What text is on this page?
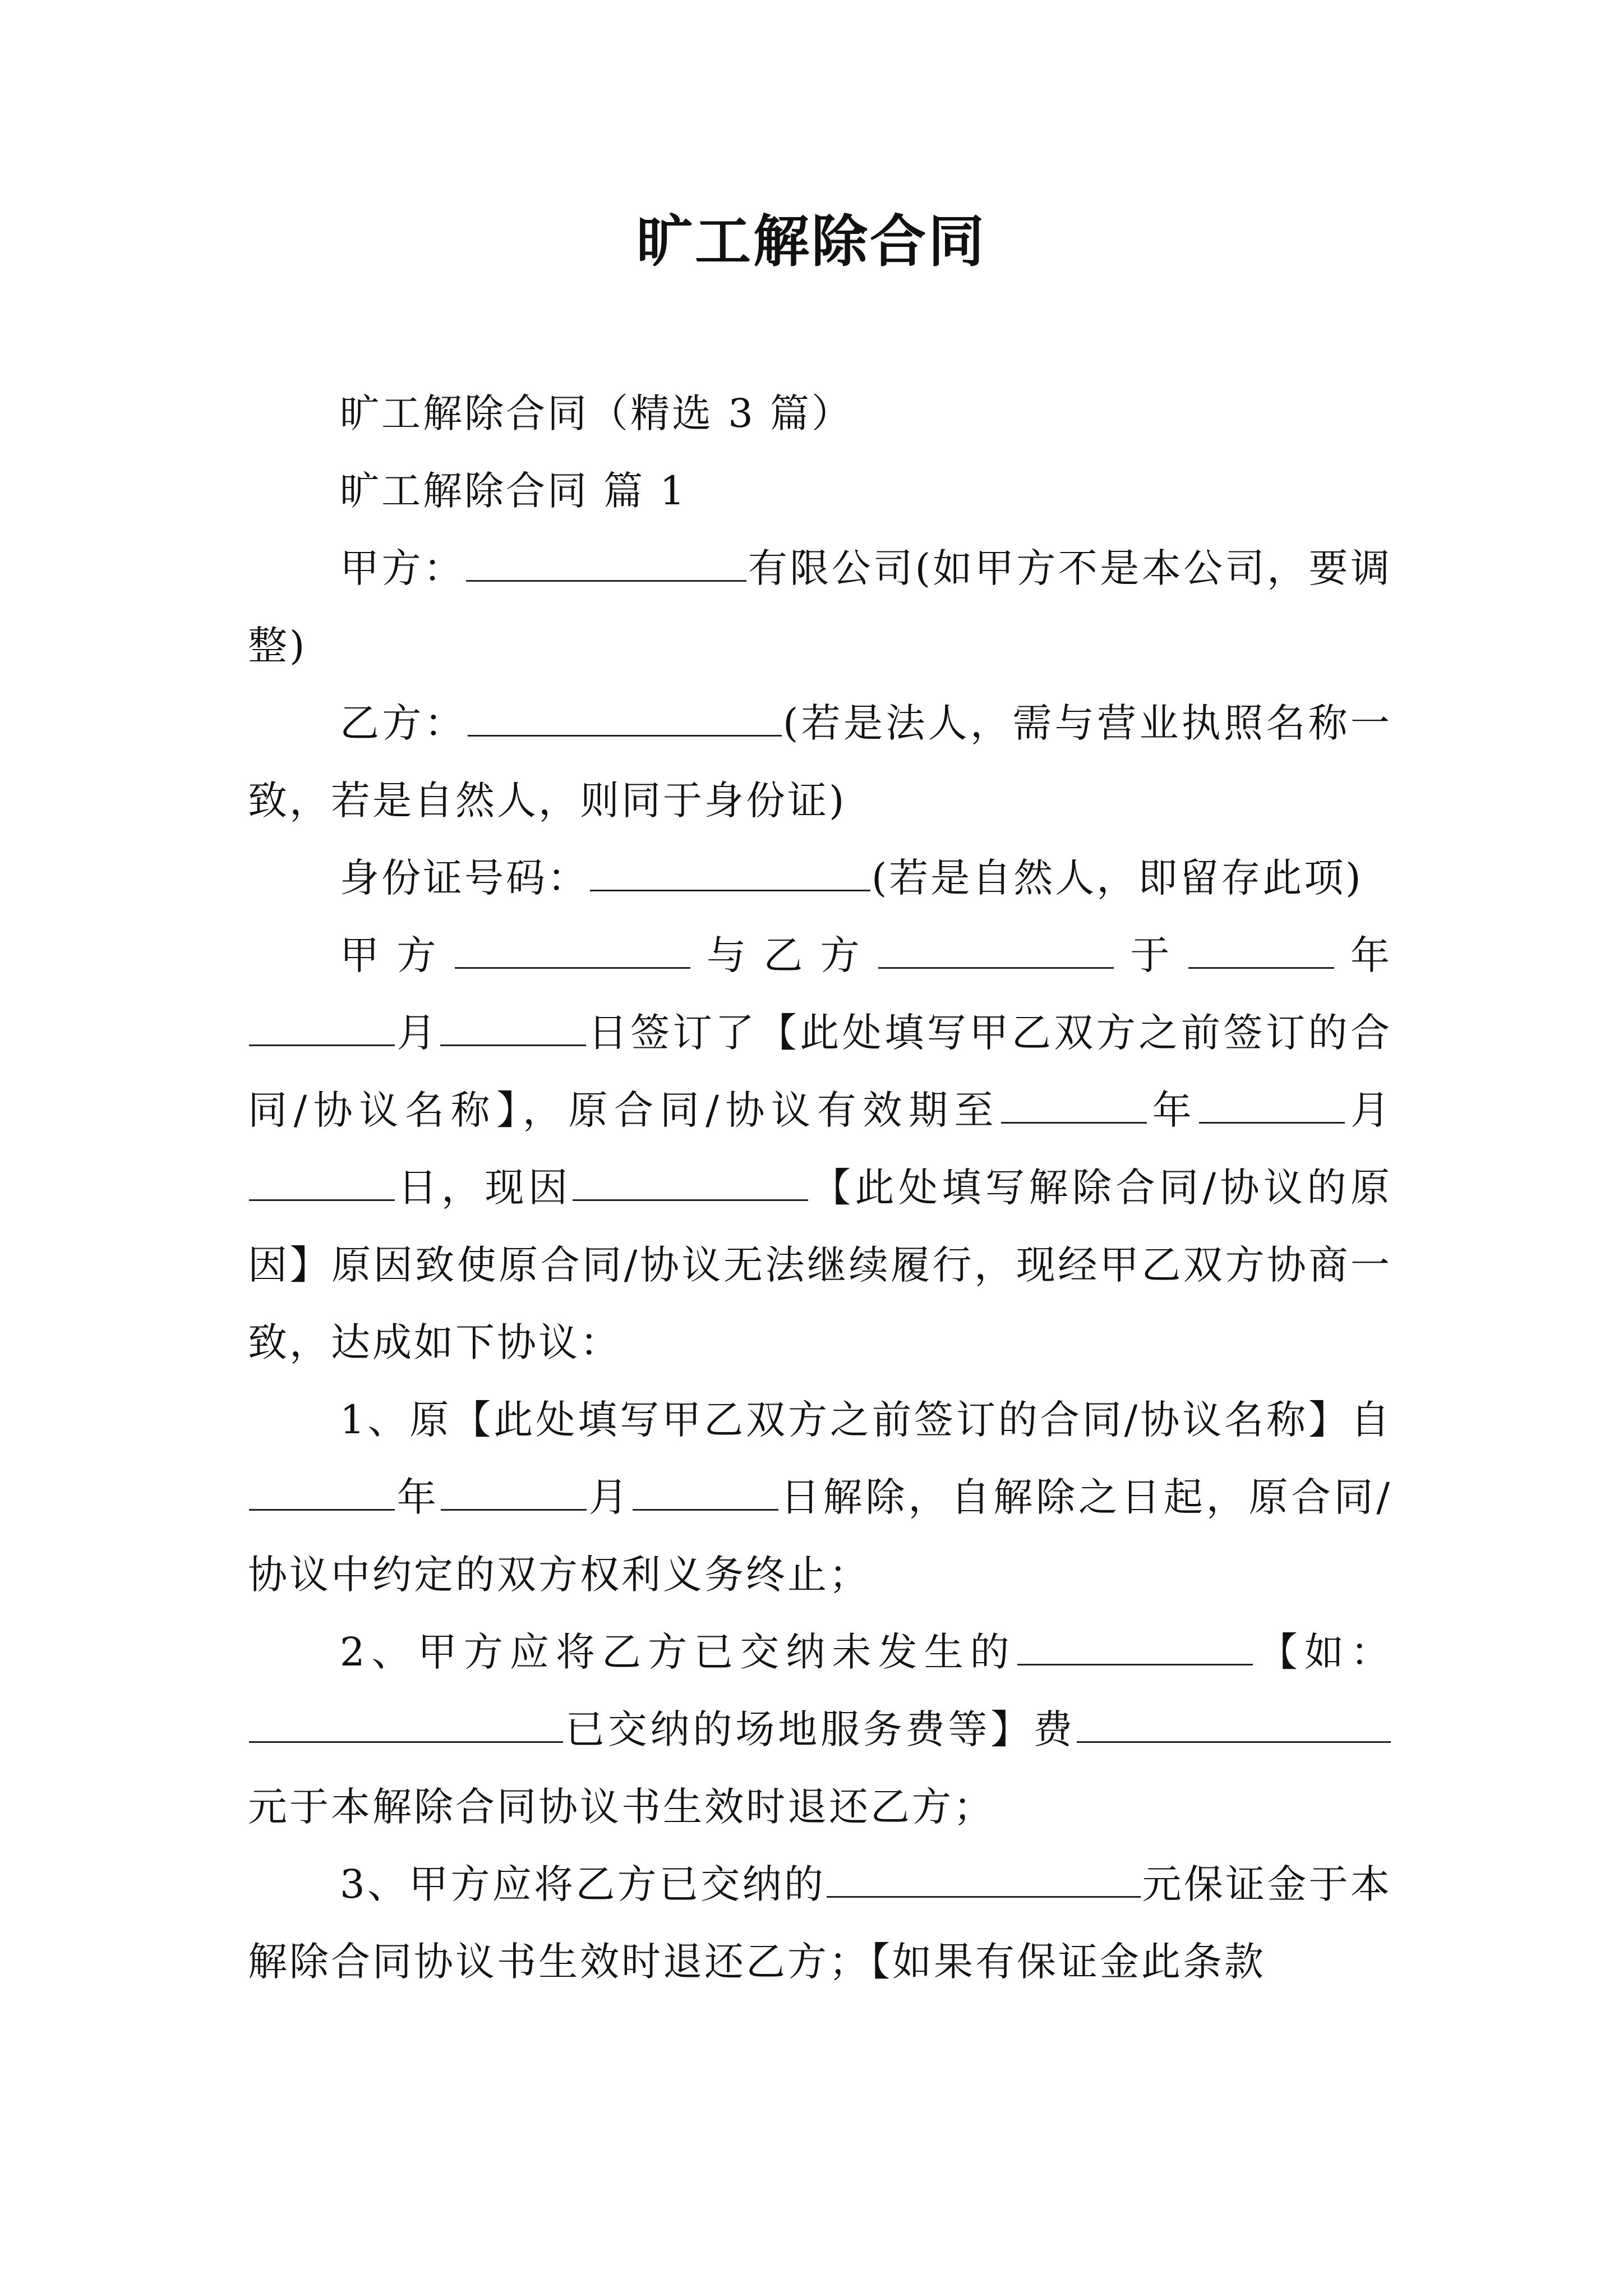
旷工解除合同

旷工解除合同（精选 3 篇）

旷工解除合同 篇 1

甲方：	有限公司(如甲方不是本公司，要调整)

乙方：	(若是法人，需与营业执照名称一致，若是自然人，则同于身份证)

身份证号码：	(若是自然人，即留存此项)

甲方	与乙方	于	年月	日签订了【此处填写甲乙双方之前签订的合同/协议名称】，原合同/协议有效期至	年	月日，现因	【此处填写解除合同/协议的原因】原因致使原合同/协议无法继续履行，现经甲乙双方协商一致，达成如下协议：

1、原【此处填写甲乙双方之前签订的合同/协议名称】自年	月	日解除，自解除之日起，原合同/协议中约定的双方权利义务终止；

2、甲方应将乙方已交纳未发生的	【如：已交纳的场地服务费等】费元于本解除合同协议书生效时退还乙方；

3、甲方应将乙方已交纳的	元保证金于本解除合同协议书生效时退还乙方；【如果有保证金此条款
